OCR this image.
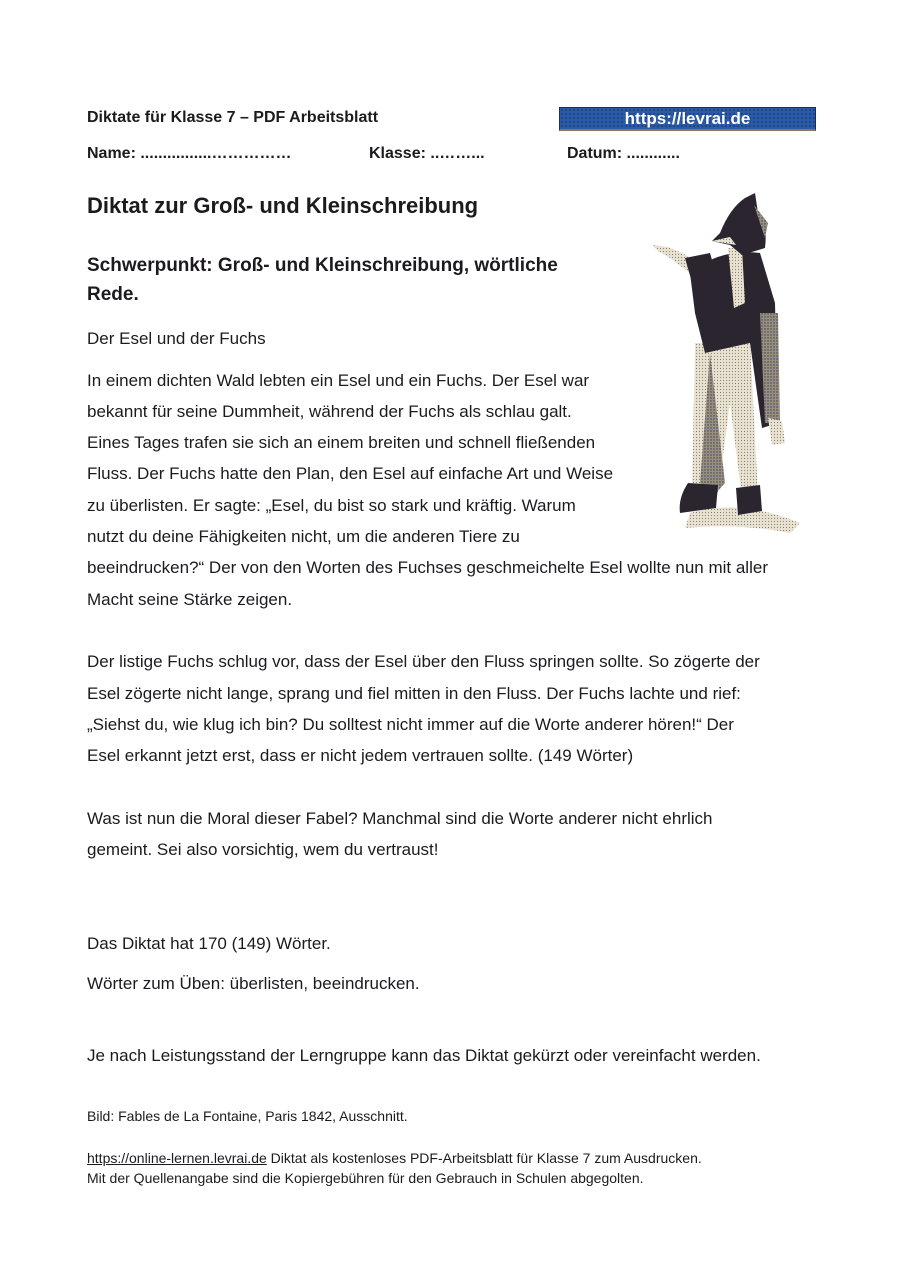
Diktate für Klasse 7 – PDF Arbeitsblatt	https://levrai.de
Name: ................……………	Klasse: ..……...	Datum: ............
Diktat zur Groß- und Kleinschreibung
Schwerpunkt: Groß- und Kleinschreibung, wörtliche
Rede.
Der Esel und der Fuchs
In einem dichten Wald lebten ein Esel und ein Fuchs. Der Esel war
bekannt für seine Dummheit, während der Fuchs als schlau galt.
Eines Tages trafen sie sich an einem breiten und schnell fließenden
Fluss. Der Fuchs hatte den Plan, den Esel auf einfache Art und Weise
zu überlisten. Er sagte: „Esel, du bist so stark und kräftig. Warum
nutzt du deine Fähigkeiten nicht, um die anderen Tiere zu
beeindrucken?“ Der von den Worten des Fuchses geschmeichelte Esel wollte nun mit aller
Macht seine Stärke zeigen.
Der listige Fuchs schlug vor, dass der Esel über den Fluss springen sollte. So zögerte der
Esel zögerte nicht lange, sprang und fiel mitten in den Fluss. Der Fuchs lachte und rief:
„Siehst du, wie klug ich bin? Du solltest nicht immer auf die Worte anderer hören!“ Der
Esel erkannt jetzt erst, dass er nicht jedem vertrauen sollte. (149 Wörter)
Was ist nun die Moral dieser Fabel? Manchmal sind die Worte anderer nicht ehrlich
gemeint. Sei also vorsichtig, wem du vertraust!
Das Diktat hat 170 (149) Wörter.
Wörter zum Üben: überlisten, beeindrucken.
Je nach Leistungsstand der Lerngruppe kann das Diktat gekürzt oder vereinfacht werden.
Bild: Fables de La Fontaine, Paris 1842, Ausschnitt.
https://online-lernen.levrai.de Diktat als kostenloses PDF-Arbeitsblatt für Klasse 7 zum Ausdrucken.
Mit der Quellenangabe sind die Kopiergebühren für den Gebrauch in Schulen abgegolten.
